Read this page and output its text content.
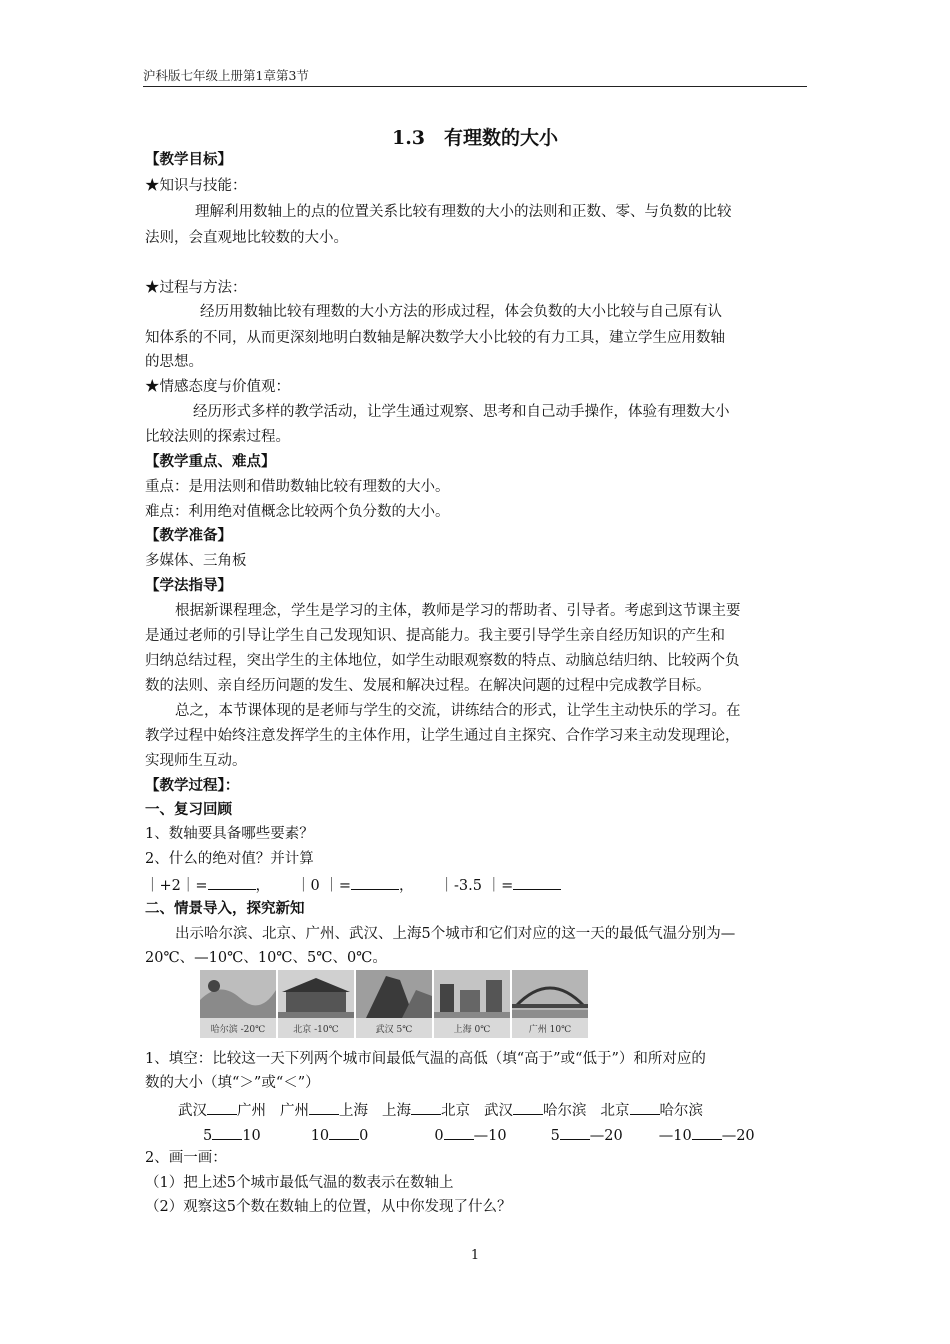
沪科版七年级上册第1章第3节
1.3　有理数的大小
【教学目标】
★知识与技能：
理解利用数轴上的点的位置关系比较有理数的大小的法则和正数、零、与负数的比较
法则，会直观地比较数的大小。
★过程与方法：
经历用数轴比较有理数的大小方法的形成过程，体会负数的大小比较与自己原有认
知体系的不同，从而更深刻地明白数轴是解决数学大小比较的有力工具，建立学生应用数轴
的思想。
★情感态度与价值观：
经历形式多样的教学活动，让学生通过观察、思考和自己动手操作，体验有理数大小
比较法则的探索过程。
【教学重点、难点】
重点：是用法则和借助数轴比较有理数的大小。
难点：利用绝对值概念比较两个负分数的大小。
【教学准备】
多媒体、三角板
【学法指导】
根据新课程理念，学生是学习的主体，教师是学习的帮助者、引导者。考虑到这节课主要
是通过老师的引导让学生自己发现知识、提高能力。我主要引导学生亲自经历知识的产生和
归纳总结过程，突出学生的主体地位，如学生动眼观察数的特点、动脑总结归纳、比较两个负
数的法则、亲自经历问题的发生、发展和解决过程。在解决问题的过程中完成教学目标。
总之，本节课体现的是老师与学生的交流，讲练结合的形式，让学生主动快乐的学习。在
教学过程中始终注意发挥学生的主体作用，让学生通过自主探究、合作学习来主动发现理论，
实现师生互动。
【教学过程】：
一、复习回顾
1、数轴要具备哪些要素？
2、什么的绝对值？并计算
｜+2｜=	， ｜0 ｜=	， ｜-3.5 ｜=
二、情景导入，探究新知
出示哈尔滨、北京、广州、武汉、上海5个城市和它们对应的这一天的最低气温分别为—
20℃、—10℃、10℃、5℃、0℃。
哈尔滨 -20℃	北京 -10℃	武汉 5℃	上海 0℃	广州 10℃
1、填空：比较这一天下列两个城市间最低气温的高低（填“高于”或“低于”）和所对应的
数的大小（填“＞”或“＜”）
武汉 广州 广州 上海 上海 北京 武汉 哈尔滨 北京 哈尔滨
5 10	10 0	0 —10	5 —20 —10 —20
2、画一画：
（1）把上述5个城市最低气温的数表示在数轴上
（2）观察这5个数在数轴上的位置，从中你发现了什么？
1
